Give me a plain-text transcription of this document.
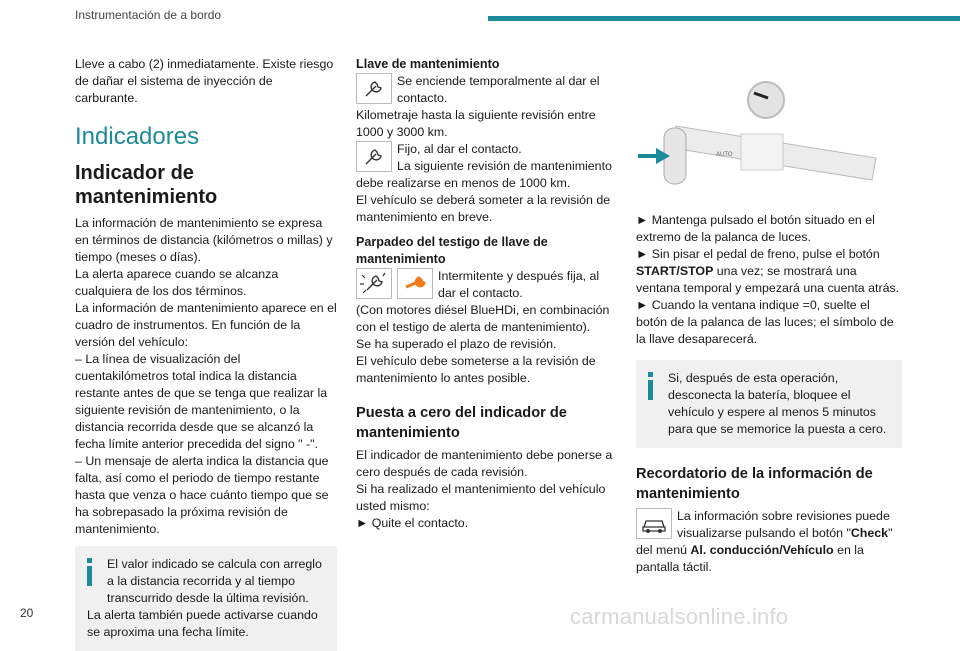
Instrumentación de a bordo

Lleve a cabo (2) inmediatamente. Existe riesgo de dañar el sistema de inyección de carburante.

Indicadores
Indicador de mantenimiento

La información de mantenimiento se expresa en términos de distancia (kilómetros o millas) y tiempo (meses o días).

La alerta aparece cuando se alcanza cualquiera de los dos términos.

La información de mantenimiento aparece en el cuadro de instrumentos. En función de la versión del vehículo:

– La línea de visualización del cuentakilómetros total indica la distancia restante antes de que se tenga que realizar la siguiente revisión de mantenimiento, o la distancia recorrida desde que se alcanzó la fecha límite anterior precedida del signo " -".

– Un mensaje de alerta indica la distancia que falta, así como el periodo de tiempo restante hasta que venza o hace cuánto tiempo que se ha sobrepasado la próxima revisión de mantenimiento.

El valor indicado se calcula con arreglo a la distancia recorrida y al tiempo transcurrido desde la última revisión.

La alerta también puede activarse cuando se aproxima una fecha límite.

Llave de mantenimiento

Se enciende temporalmente al dar el contacto.

Kilometraje hasta la siguiente revisión entre 1000 y 3000 km.

Fijo, al dar el contacto.

La siguiente revisión de mantenimiento debe realizarse en menos de 1000 km.

El vehículo se deberá someter a la revisión de mantenimiento en breve.

Parpadeo del testigo de llave de mantenimiento

Intermitente y después fija, al dar el contacto.

(Con motores diésel BlueHDi, en combinación con el testigo de alerta de mantenimiento).

Se ha superado el plazo de revisión.

El vehículo debe someterse a la revisión de mantenimiento lo antes posible.

Puesta a cero del indicador de mantenimiento

El indicador de mantenimiento debe ponerse a cero después de cada revisión.

Si ha realizado el mantenimiento del vehículo usted mismo:

► Quite el contacto.

AUTO

► Mantenga pulsado el botón situado en el extremo de la palanca de luces.

► Sin pisar el pedal de freno, pulse el botón START/STOP una vez; se mostrará una ventana temporal y empezará una cuenta atrás.

► Cuando la ventana indique =0, suelte el botón de la palanca de las luces; el símbolo de la llave desaparecerá.

Si, después de esta operación, desconecta la batería, bloquee el vehículo y espere al menos 5 minutos para que se memorice la puesta a cero.

Recordatorio de la información de mantenimiento

La información sobre revisiones puede visualizarse pulsando el botón "Check" del menú Al. conducción/Vehículo en la pantalla táctil.

20	carmanualsonline.info
